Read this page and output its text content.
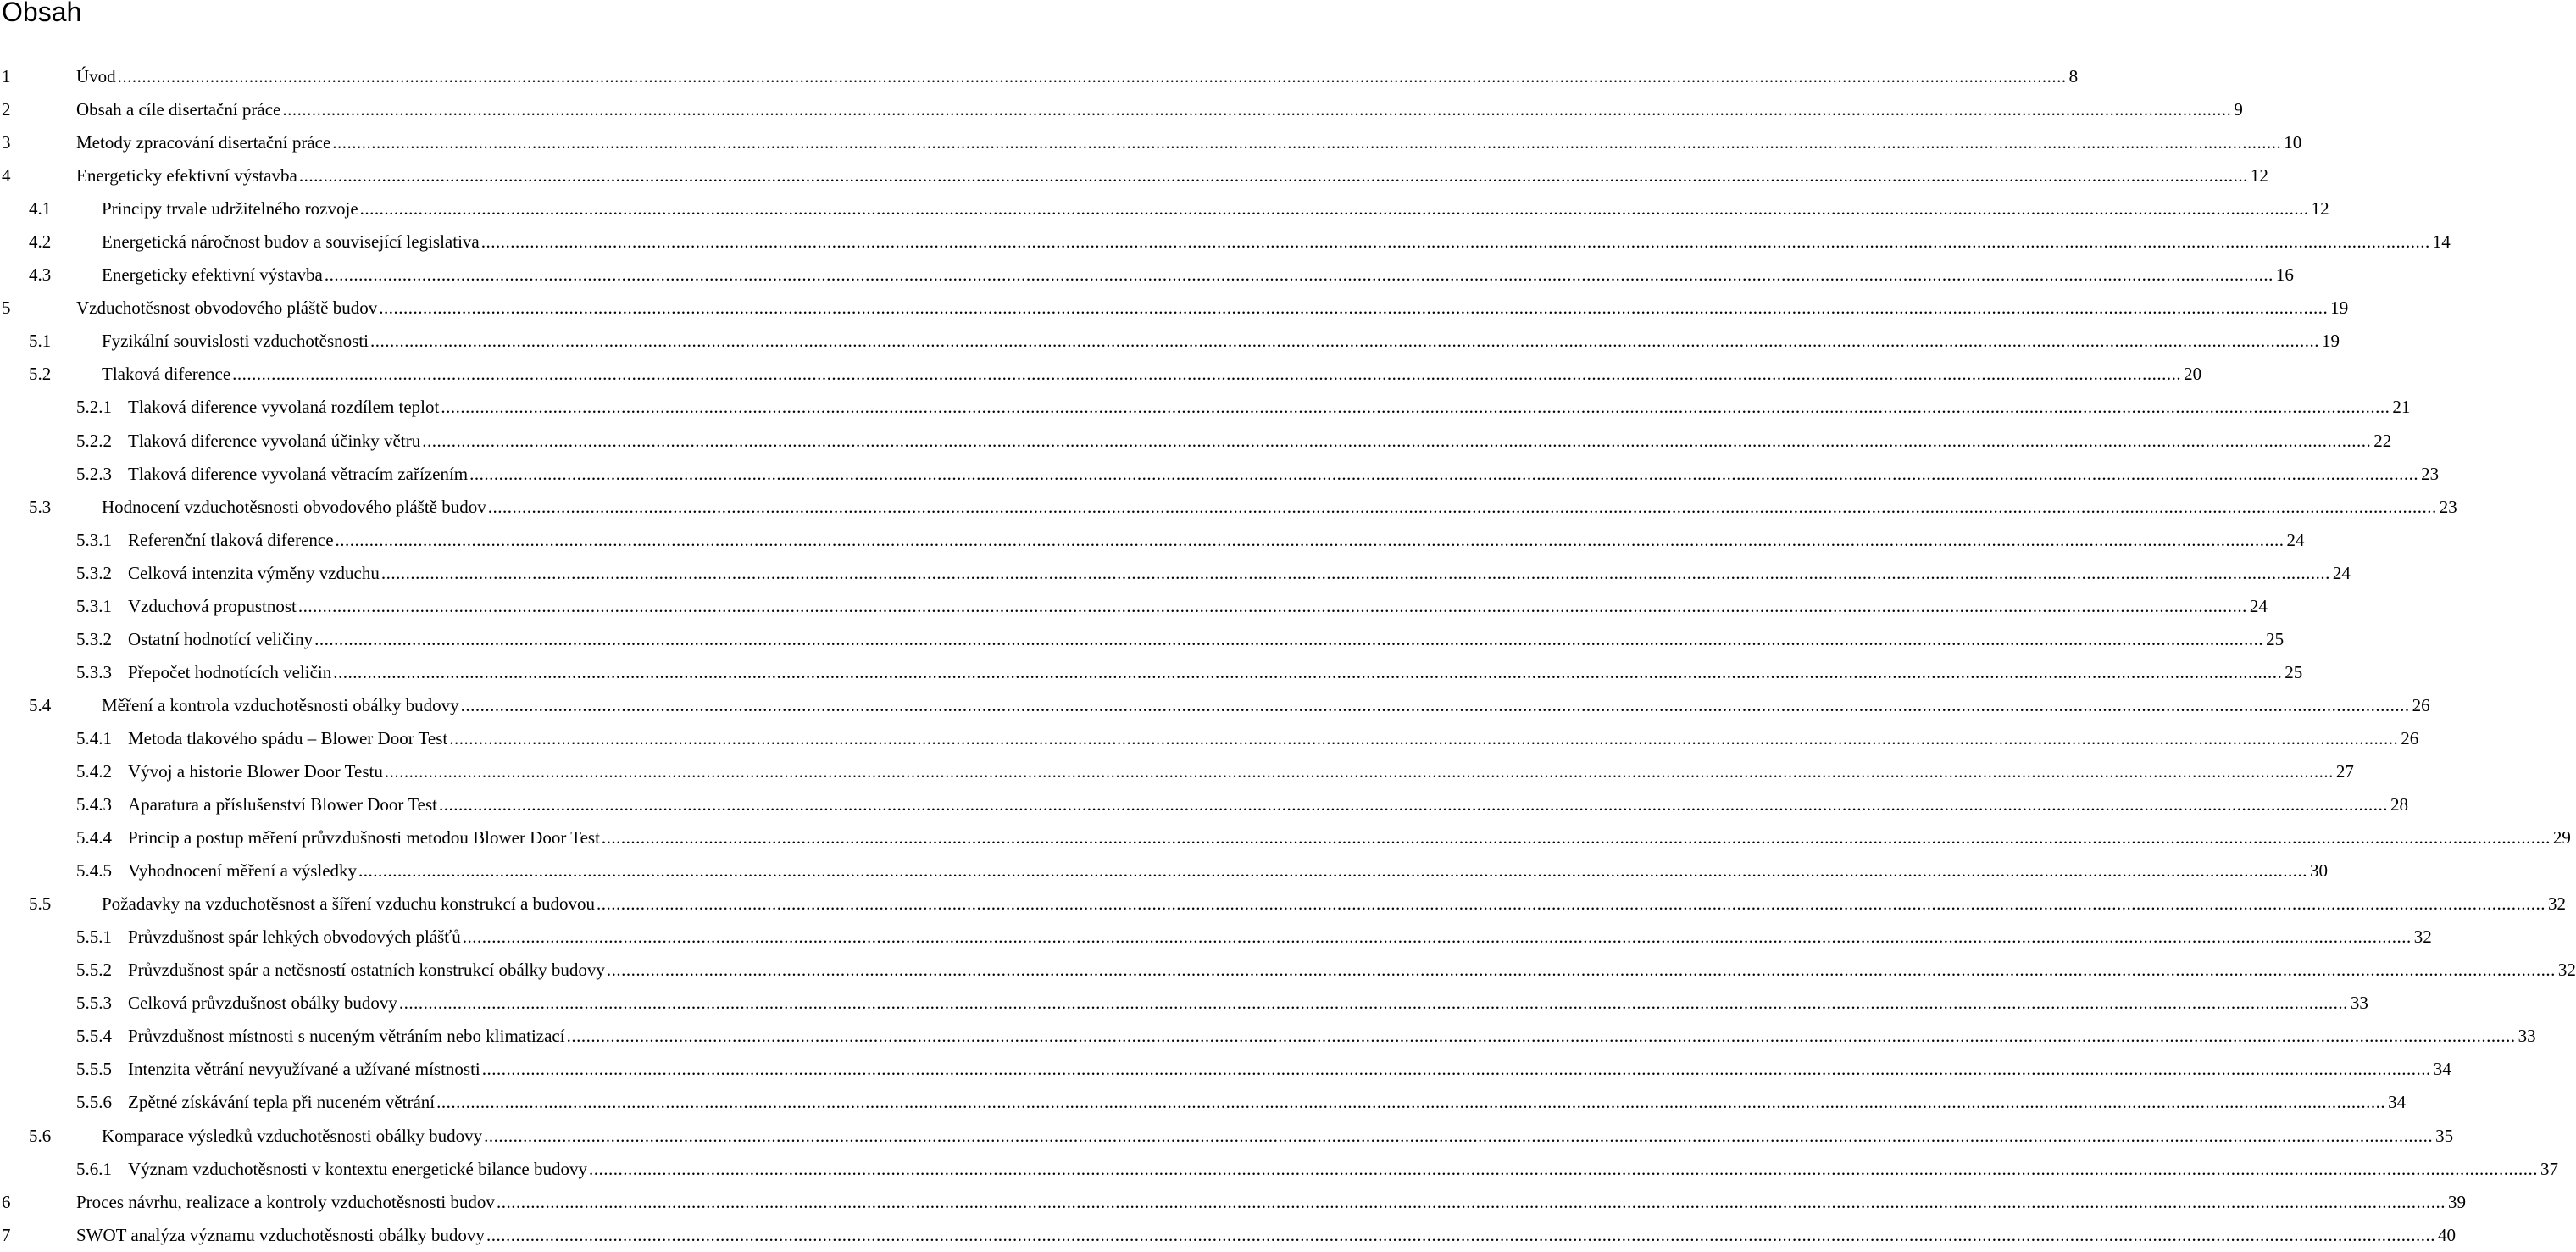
Obsah
1	Úvod ................................................................................................................................................................................................................................................................................................................................................................................................................ 8
2	Obsah a cíle disertační práce ................................................................................................................................................................................................................................................................................................................................................................................................................ 9
3	Metody zpracování disertační práce ................................................................................................................................................................................................................................................................................................................................................................................................................ 10
4	Energeticky efektivní výstavba ................................................................................................................................................................................................................................................................................................................................................................................................................ 12
4.1	Principy trvale udržitelného rozvoje ................................................................................................................................................................................................................................................................................................................................................................................................................ 12
4.2	Energetická náročnost budov a související legislativa ................................................................................................................................................................................................................................................................................................................................................................................................................ 14
4.3	Energeticky efektivní výstavba ................................................................................................................................................................................................................................................................................................................................................................................................................ 16
5	Vzduchotěsnost obvodového pláště budov ................................................................................................................................................................................................................................................................................................................................................................................................................ 19
5.1	Fyzikální souvislosti vzduchotěsnosti ................................................................................................................................................................................................................................................................................................................................................................................................................ 19
5.2	Tlaková diference ................................................................................................................................................................................................................................................................................................................................................................................................................ 20
5.2.1 Tlaková diference vyvolaná rozdílem teplot ................................................................................................................................................................................................................................................................................................................................................................................................................ 21
5.2.2 Tlaková diference vyvolaná účinky větru ................................................................................................................................................................................................................................................................................................................................................................................................................ 22
5.2.3 Tlaková diference vyvolaná větracím zařízením ................................................................................................................................................................................................................................................................................................................................................................................................................ 23
5.3	Hodnocení vzduchotěsnosti obvodového pláště budov ................................................................................................................................................................................................................................................................................................................................................................................................................ 23
5.3.1 Referenční tlaková diference ................................................................................................................................................................................................................................................................................................................................................................................................................ 24
5.3.2 Celková intenzita výměny vzduchu ................................................................................................................................................................................................................................................................................................................................................................................................................ 24
5.3.1 Vzduchová propustnost ................................................................................................................................................................................................................................................................................................................................................................................................................ 24
5.3.2 Ostatní hodnotící veličiny ................................................................................................................................................................................................................................................................................................................................................................................................................ 25
5.3.3 Přepočet hodnotících veličin ................................................................................................................................................................................................................................................................................................................................................................................................................ 25
5.4	Měření a kontrola vzduchotěsnosti obálky budovy ................................................................................................................................................................................................................................................................................................................................................................................................................ 26
5.4.1 Metoda tlakového spádu – Blower Door Test ................................................................................................................................................................................................................................................................................................................................................................................................................ 26
5.4.2 Vývoj a historie Blower Door Testu ................................................................................................................................................................................................................................................................................................................................................................................................................ 27
5.4.3 Aparatura a příslušenství Blower Door Test ................................................................................................................................................................................................................................................................................................................................................................................................................ 28
5.4.4 Princip a postup měření průvzdušnosti metodou Blower Door Test ................................................................................................................................................................................................................................................................................................................................................................................................................ 29
5.4.5 Vyhodnocení měření a výsledky ................................................................................................................................................................................................................................................................................................................................................................................................................ 30
5.5	Požadavky na vzduchotěsnost a šíření vzduchu konstrukcí a budovou ................................................................................................................................................................................................................................................................................................................................................................................................................ 32
5.5.1 Průvzdušnost spár lehkých obvodových plášťů ................................................................................................................................................................................................................................................................................................................................................................................................................ 32
5.5.2 Průvzdušnost spár a netěsností ostatních konstrukcí obálky budovy ................................................................................................................................................................................................................................................................................................................................................................................................................ 32
5.5.3 Celková průvzdušnost obálky budovy ................................................................................................................................................................................................................................................................................................................................................................................................................ 33
5.5.4 Průvzdušnost místnosti s nuceným větráním nebo klimatizací ................................................................................................................................................................................................................................................................................................................................................................................................................ 33
5.5.5 Intenzita větrání nevyužívané a užívané místnosti ................................................................................................................................................................................................................................................................................................................................................................................................................ 34
5.5.6 Zpětné získávání tepla při nuceném větrání ................................................................................................................................................................................................................................................................................................................................................................................................................ 34
5.6	Komparace výsledků vzduchotěsnosti obálky budovy ................................................................................................................................................................................................................................................................................................................................................................................................................ 35
5.6.1 Význam vzduchotěsnosti v kontextu energetické bilance budovy ................................................................................................................................................................................................................................................................................................................................................................................................................ 37
6	Proces návrhu, realizace a kontroly vzduchotěsnosti budov ................................................................................................................................................................................................................................................................................................................................................................................................................ 39
7	SWOT analýza významu vzduchotěsnosti obálky budovy ................................................................................................................................................................................................................................................................................................................................................................................................................ 40
